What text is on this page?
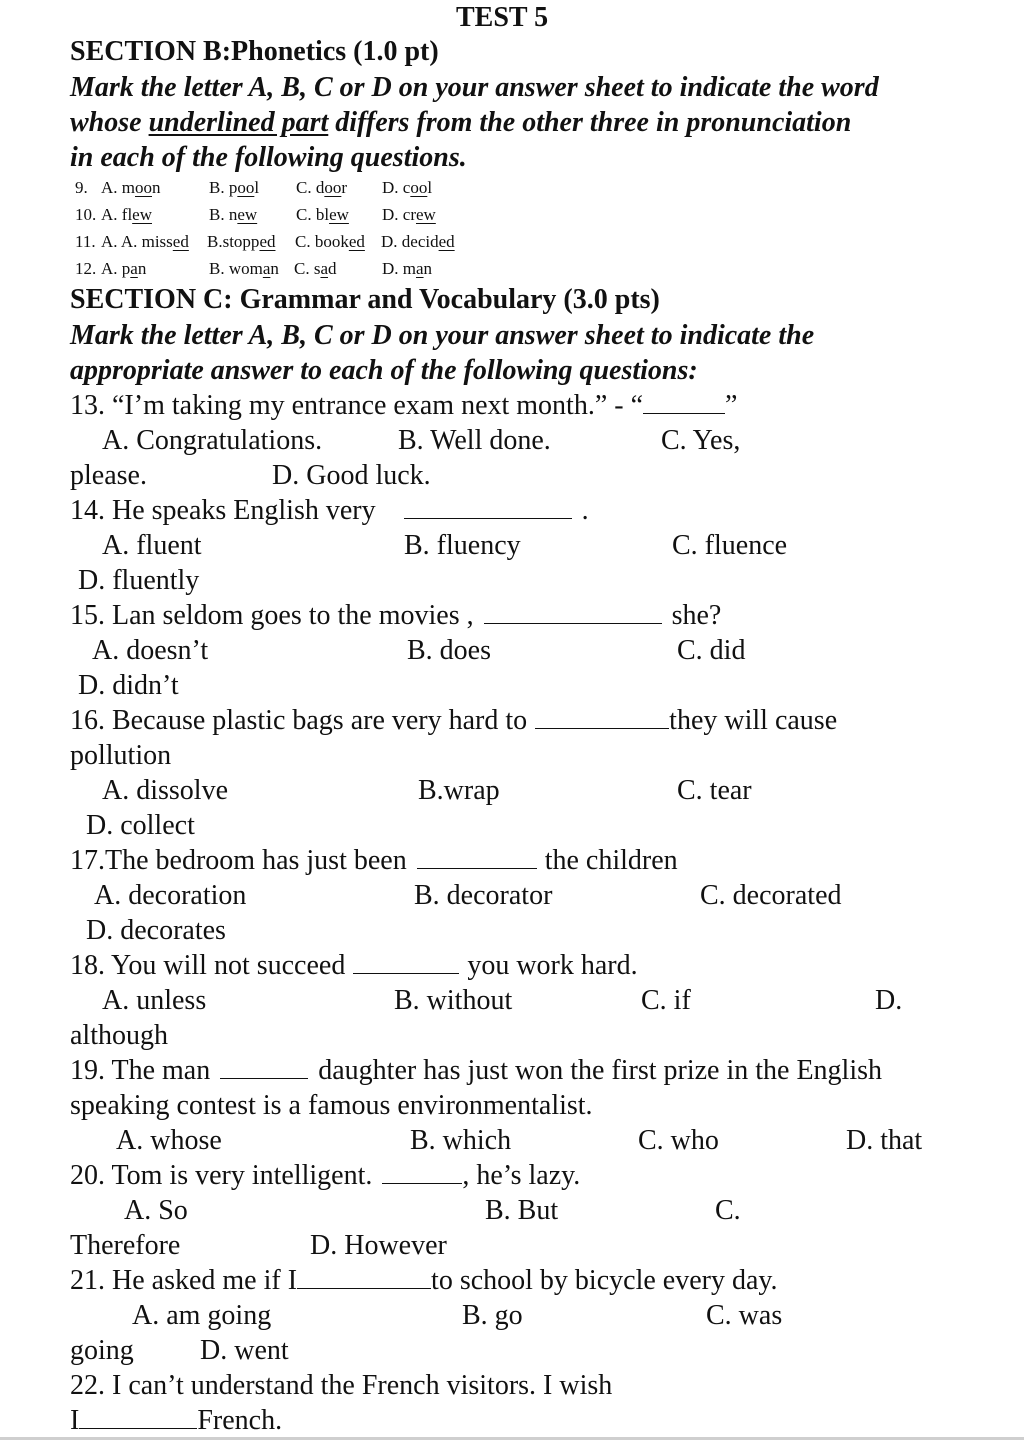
TEST 5
SECTION B:Phonetics (1.0 pt)
Mark the letter A, B, C or D on your answer sheet to indicate the word
whose underlined part differs from the other three in pronunciation
in each of the following questions.
9. A. moon	B. pool C. door D. cool
10. A. flew	B. new C. blew D. crew
11. A. A. missed B.stopped C. booked D. decided
12. A. pan	B. woman C. sad	D. man
SECTION C: Grammar and Vocabulary (3.0 pts)
Mark the letter A, B, C or D on your answer sheet to indicate the
appropriate answer to each of the following questions:
13. “I’m taking my entrance exam next month.” - “	”
A. Congratulations.	B. Well done.	C. Yes,
please.	D. Good luck.
14. He speaks English very	.
A. fluent	B. fluency	C. fluence
D. fluently
15. Lan seldom goes to the movies ,	she?
A. doesn’t	B. does	C. did
D. didn’t
16. Because plastic bags are very hard to	they will cause
pollution
A. dissolve	B.wrap	C. tear
D. collect
17.The bedroom has just been	the children
A. decoration	B. decorator	C. decorated
D. decorates
18. You will not succeed	you work hard.
A. unless	B. without	C. if	D.
although
19. The man	daughter has just won the first prize in the English
speaking contest is a famous environmentalist.
A. whose	B. which	C. who	D. that
20. Tom is very intelligent.	, he’s lazy.
A. So	B. But	C.
Therefore	D. However
21. He asked me if I	to school by bicycle every day.
A. am going	B. go	C. was
going D. went
22. I can’t understand the French visitors. I wish
I	French.
